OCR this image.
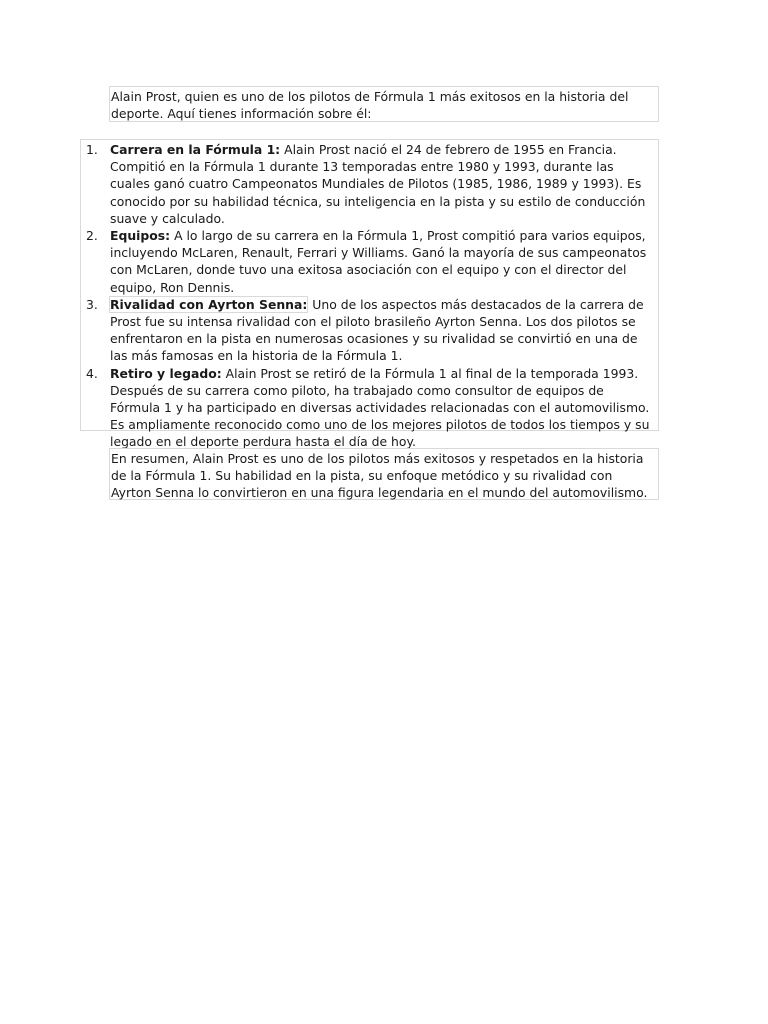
Alain Prost, quien es uno de los pilotos de Fórmula 1 más exitosos en la historia del deporte. Aquí tienes información sobre él:

1. Carrera en la Fórmula 1: Alain Prost nació el 24 de febrero de 1955 en Francia. Compitió en la Fórmula 1 durante 13 temporadas entre 1980 y 1993, durante las cuales ganó cuatro Campeonatos Mundiales de Pilotos (1985, 1986, 1989 y 1993). Es conocido por su habilidad técnica, su inteligencia en la pista y su estilo de conducción suave y calculado.
2. Equipos: A lo largo de su carrera en la Fórmula 1, Prost compitió para varios equipos, incluyendo McLaren, Renault, Ferrari y Williams. Ganó la mayoría de sus campeonatos con McLaren, donde tuvo una exitosa asociación con el equipo y con el director del equipo, Ron Dennis.
3. Rivalidad con Ayrton Senna: Uno de los aspectos más destacados de la carrera de Prost fue su intensa rivalidad con el piloto brasileño Ayrton Senna. Los dos pilotos se enfrentaron en la pista en numerosas ocasiones y su rivalidad se convirtió en una de las más famosas en la historia de la Fórmula 1.
4. Retiro y legado: Alain Prost se retiró de la Fórmula 1 al final de la temporada 1993. Después de su carrera como piloto, ha trabajado como consultor de equipos de Fórmula 1 y ha participado en diversas actividades relacionadas con el automovilismo. Es ampliamente reconocido como uno de los mejores pilotos de todos los tiempos y su legado en el deporte perdura hasta el día de hoy.

En resumen, Alain Prost es uno de los pilotos más exitosos y respetados en la historia de la Fórmula 1. Su habilidad en la pista, su enfoque metódico y su rivalidad con Ayrton Senna lo convirtieron en una figura legendaria en el mundo del automovilismo.
